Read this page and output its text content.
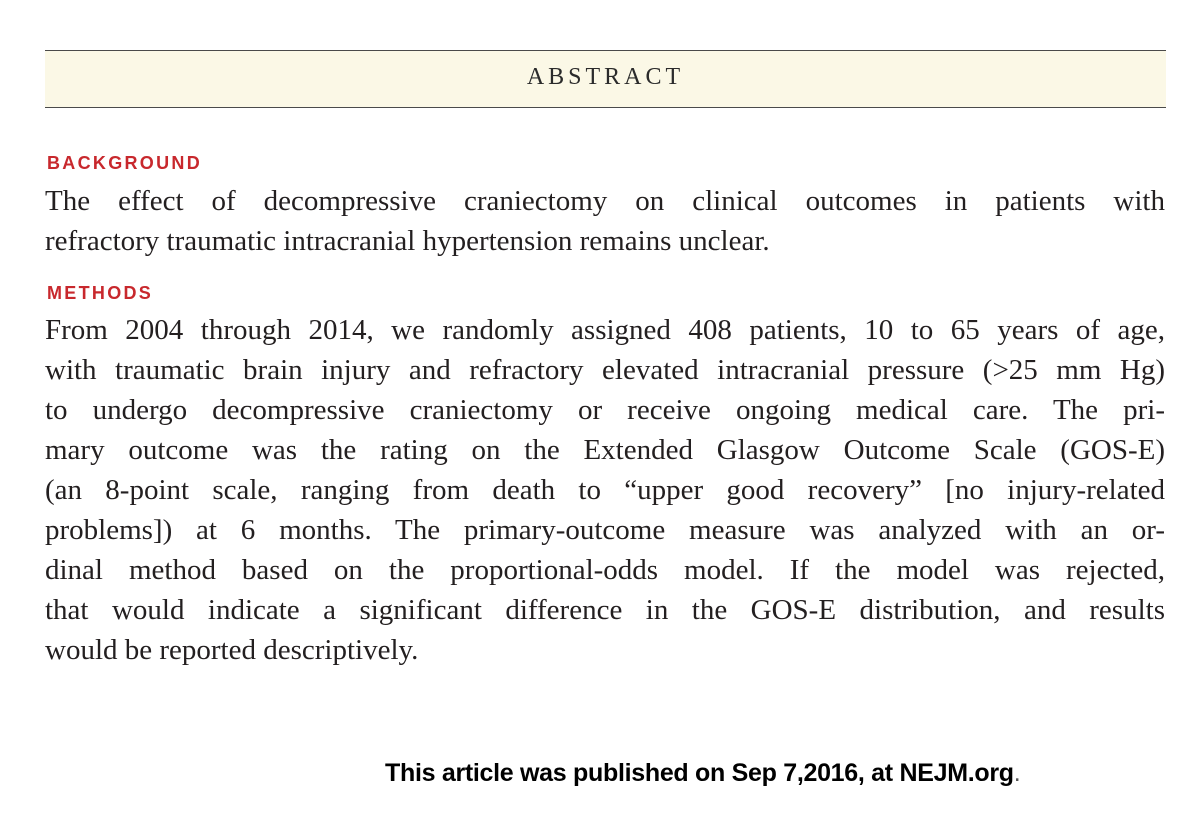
ABSTRACT
BACKGROUND
The effect of decompressive craniectomy on clinical outcomes in patients with
refractory traumatic intracranial hypertension remains unclear.
METHODS
From 2004 through 2014, we randomly assigned 408 patients, 10 to 65 years of age,
with traumatic brain injury and refractory elevated intracranial pressure (>25 mm Hg)
to undergo decompressive craniectomy or receive ongoing medical care. The pri-
mary outcome was the rating on the Extended Glasgow Outcome Scale (GOS-E)
(an 8-point scale, ranging from death to “upper good recovery” [no injury-related
problems]) at 6 months. The primary-outcome measure was analyzed with an or-
dinal method based on the proportional-odds model. If the model was rejected,
that would indicate a significant difference in the GOS-E distribution, and results
would be reported descriptively.
This article was published on Sep 7,2016, at NEJM.org.
